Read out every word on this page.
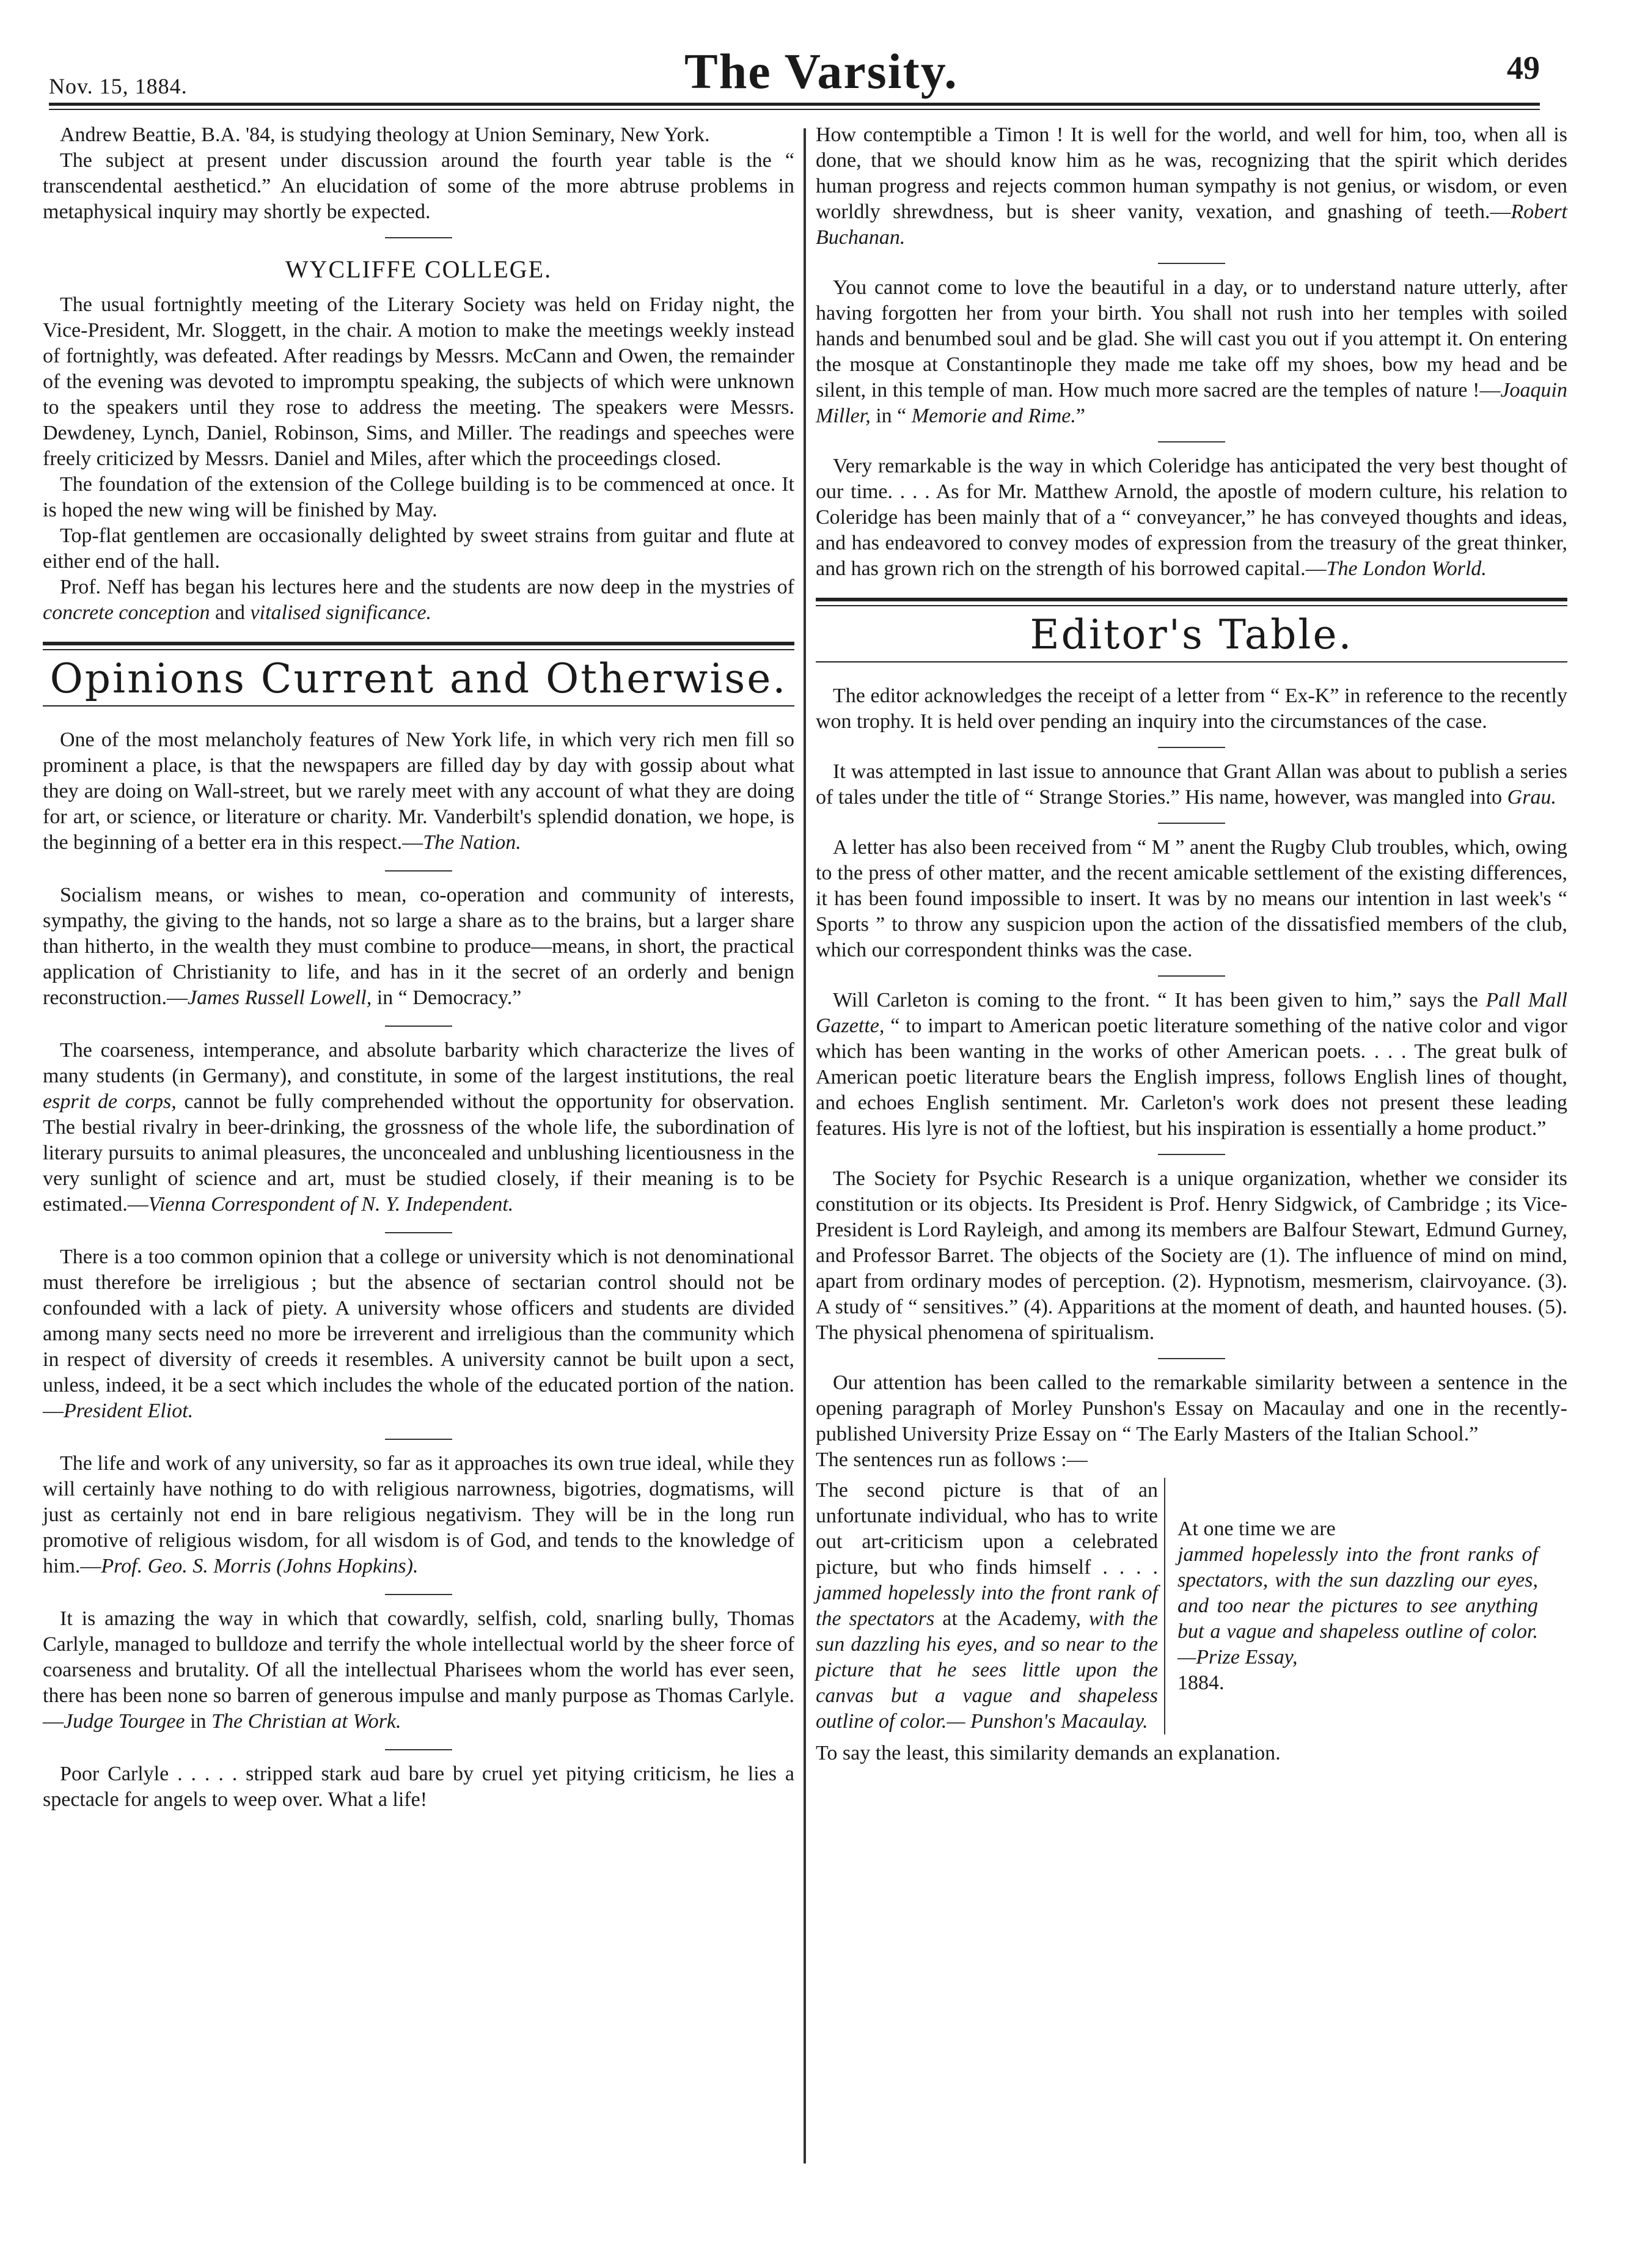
Nov. 15, 1884.	The Varsity.	49

Andrew Beattie, B.A. '84, is studying theology at Union Seminary, New York.

The subject at present under discussion around the fourth year table is the “ transcendental aestheticd.” An elucidation of some of the more abtruse problems in metaphysical inquiry may shortly be expected.

WYCLIFFE COLLEGE.

The usual fortnightly meeting of the Literary Society was held on Friday night, the Vice-President, Mr. Sloggett, in the chair. A motion to make the meetings weekly instead of fortnightly, was defeated. After readings by Messrs. McCann and Owen, the remainder of the evening was devoted to impromptu speaking, the subjects of which were unknown to the speakers until they rose to address the meeting. The speakers were Messrs. Dewdeney, Lynch, Daniel, Robinson, Sims, and Miller. The readings and speeches were freely criticized by Messrs. Daniel and Miles, after which the proceedings closed.

The foundation of the extension of the College building is to be commenced at once. It is hoped the new wing will be finished by May.

Top-flat gentlemen are occasionally delighted by sweet strains from guitar and flute at either end of the hall.

Prof. Neff has began his lectures here and the students are now deep in the mystries of concrete conception and vitalised significance.

Opinions Current and Otherwise.

One of the most melancholy features of New York life, in which very rich men fill so prominent a place, is that the newspapers are filled day by day with gossip about what they are doing on Wall-street, but we rarely meet with any account of what they are doing for art, or science, or literature or charity. Mr. Vanderbilt's splendid donation, we hope, is the beginning of a better era in this respect.—The Nation.

Socialism means, or wishes to mean, co-operation and community of interests, sympathy, the giving to the hands, not so large a share as to the brains, but a larger share than hitherto, in the wealth they must combine to produce—means, in short, the practical application of Christianity to life, and has in it the secret of an orderly and benign reconstruction.—James Russell Lowell, in “ Democracy.”

The coarseness, intemperance, and absolute barbarity which characterize the lives of many students (in Germany), and constitute, in some of the largest institutions, the real esprit de corps, cannot be fully comprehended without the opportunity for observation. The bestial rivalry in beer-drinking, the grossness of the whole life, the subordination of literary pursuits to animal pleasures, the unconcealed and unblushing licentiousness in the very sunlight of science and art, must be studied closely, if their meaning is to be estimated.—Vienna Correspondent of N. Y. Independent.

There is a too common opinion that a college or university which is not denominational must therefore be irreligious ; but the absence of sectarian control should not be confounded with a lack of piety. A university whose officers and students are divided among many sects need no more be irreverent and irreligious than the community which in respect of diversity of creeds it resembles. A university cannot be built upon a sect, unless, indeed, it be a sect which includes the whole of the educated portion of the nation.—President Eliot.

The life and work of any university, so far as it approaches its own true ideal, while they will certainly have nothing to do with religious narrowness, bigotries, dogmatisms, will just as certainly not end in bare religious negativism. They will be in the long run promotive of religious wisdom, for all wisdom is of God, and tends to the knowledge of him.—Prof. Geo. S. Morris (Johns Hopkins).

It is amazing the way in which that cowardly, selfish, cold, snarling bully, Thomas Carlyle, managed to bulldoze and terrify the whole intellectual world by the sheer force of coarseness and brutality. Of all the intellectual Pharisees whom the world has ever seen, there has been none so barren of generous impulse and manly purpose as Thomas Carlyle.—Judge Tourgee in The Christian at Work.

Poor Carlyle . . . . . stripped stark aud bare by cruel yet pitying criticism, he lies a spectacle for angels to weep over. What a life!

How contemptible a Timon ! It is well for the world, and well for him, too, when all is done, that we should know him as he was, recognizing that the spirit which derides human progress and rejects common human sympathy is not genius, or wisdom, or even worldly shrewdness, but is sheer vanity, vexation, and gnashing of teeth.—Robert Buchanan.

You cannot come to love the beautiful in a day, or to understand nature utterly, after having forgotten her from your birth. You shall not rush into her temples with soiled hands and benumbed soul and be glad. She will cast you out if you attempt it. On entering the mosque at Constantinople they made me take off my shoes, bow my head and be silent, in this temple of man. How much more sacred are the temples of nature !—Joaquin Miller, in “ Memorie and Rime.”

Very remarkable is the way in which Coleridge has anticipated the very best thought of our time. . . . As for Mr. Matthew Arnold, the apostle of modern culture, his relation to Coleridge has been mainly that of a “ conveyancer,” he has conveyed thoughts and ideas, and has endeavored to convey modes of expression from the treasury of the great thinker, and has grown rich on the strength of his borrowed capital.—The London World.

Editor's Table.

The editor acknowledges the receipt of a letter from “ Ex-K” in reference to the recently won trophy. It is held over pending an inquiry into the circumstances of the case.

It was attempted in last issue to announce that Grant Allan was about to publish a series of tales under the title of “ Strange Stories.” His name, however, was mangled into Grau.

A letter has also been received from “ M ” anent the Rugby Club troubles, which, owing to the press of other matter, and the recent amicable settlement of the existing differences, it has been found impossible to insert. It was by no means our intention in last week's “ Sports ” to throw any suspicion upon the action of the dissatisfied members of the club, which our correspondent thinks was the case.

Will Carleton is coming to the front. “ It has been given to him,” says the Pall Mall Gazette, “ to impart to American poetic literature something of the native color and vigor which has been wanting in the works of other American poets. . . . The great bulk of American poetic literature bears the English impress, follows English lines of thought, and echoes English sentiment. Mr. Carleton's work does not present these leading features. His lyre is not of the loftiest, but his inspiration is essentially a home product.”

The Society for Psychic Research is a unique organization, whether we consider its constitution or its objects. Its President is Prof. Henry Sidgwick, of Cambridge ; its Vice-President is Lord Rayleigh, and among its members are Balfour Stewart, Edmund Gurney, and Professor Barret. The objects of the Society are (1). The influence of mind on mind, apart from ordinary modes of perception. (2). Hypnotism, mesmerism, clairvoyance. (3). A study of “ sensitives.” (4). Apparitions at the moment of death, and haunted houses. (5). The physical phenomena of spiritualism.

Our attention has been called to the remarkable similarity between a sentence in the opening paragraph of Morley Punshon's Essay on Macaulay and one in the recently-published University Prize Essay on “ The Early Masters of the Italian School.”

The sentences run as follows :—

The second picture is that of an unfortunate individual, who has to write out art-criticism upon a celebrated picture, but who finds himself . . . . jammed hopelessly into the front rank of the spectators at the Academy, with the sun dazzling his eyes, and so near to the picture that he sees little upon the canvas but a vague and shapeless outline of color.— Punshon's Macaulay.
At one time we are
jammed hopelessly into the front ranks of spectators, with the sun dazzling our eyes, and too near the pictures to see anything but a vague and shapeless outline of color.—Prize Essay,
1884.

To say the least, this similarity demands an explanation.
